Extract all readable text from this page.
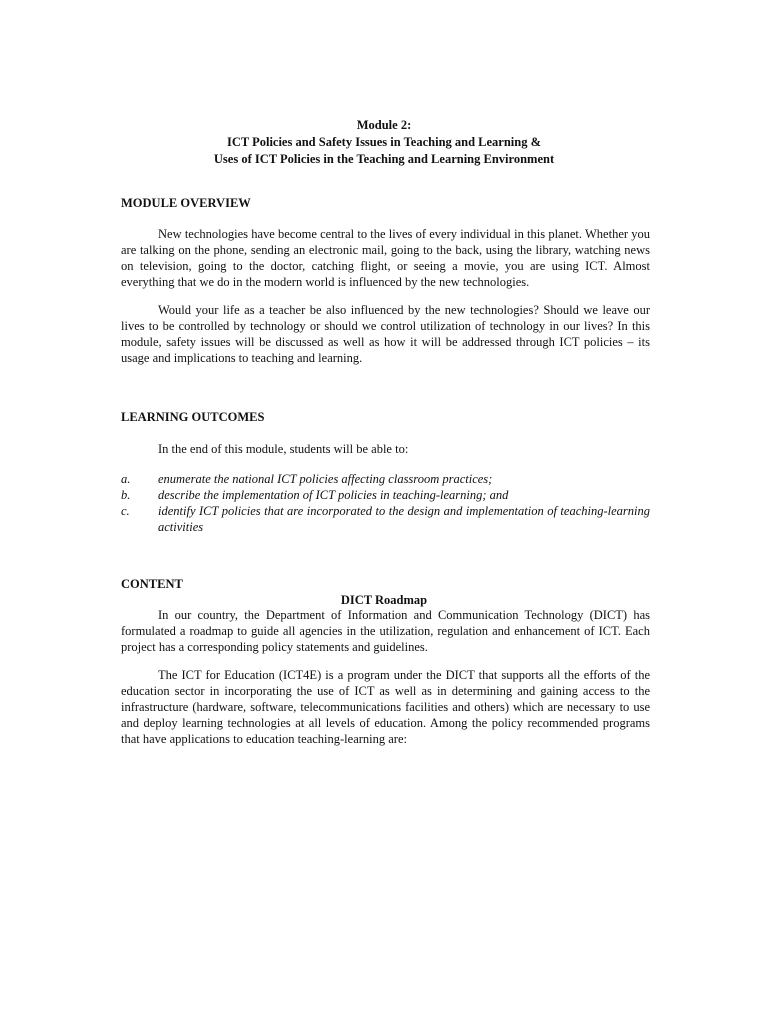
Module 2:
ICT Policies and Safety Issues in Teaching and Learning &
Uses of ICT Policies in the Teaching and Learning Environment
MODULE OVERVIEW

New technologies have become central to the lives of every individual in this planet. Whether you are talking on the phone, sending an electronic mail, going to the back, using the library, watching news on television, going to the doctor, catching flight, or seeing a movie, you are using ICT. Almost everything that we do in the modern world is influenced by the new technologies.

Would your life as a teacher be also influenced by the new technologies? Should we leave our lives to be controlled by technology or should we control utilization of technology in our lives? In this module, safety issues will be discussed as well as how it will be addressed through ICT policies – its usage and implications to teaching and learning.

LEARNING OUTCOMES

In the end of this module, students will be able to:

a.	enumerate the national ICT policies affecting classroom practices;
b.	describe the implementation of ICT policies in teaching-learning; and
c.	identify ICT policies that are incorporated to the design and implementation of teaching-learning activities
CONTENT
DICT Roadmap

In our country, the Department of Information and Communication Technology (DICT) has formulated a roadmap to guide all agencies in the utilization, regulation and enhancement of ICT. Each project has a corresponding policy statements and guidelines.

The ICT for Education (ICT4E) is a program under the DICT that supports all the efforts of the education sector in incorporating the use of ICT as well as in determining and gaining access to the infrastructure (hardware, software, telecommunications facilities and others) which are necessary to use and deploy learning technologies at all levels of education. Among the policy recommended programs that have applications to education teaching-learning are:
